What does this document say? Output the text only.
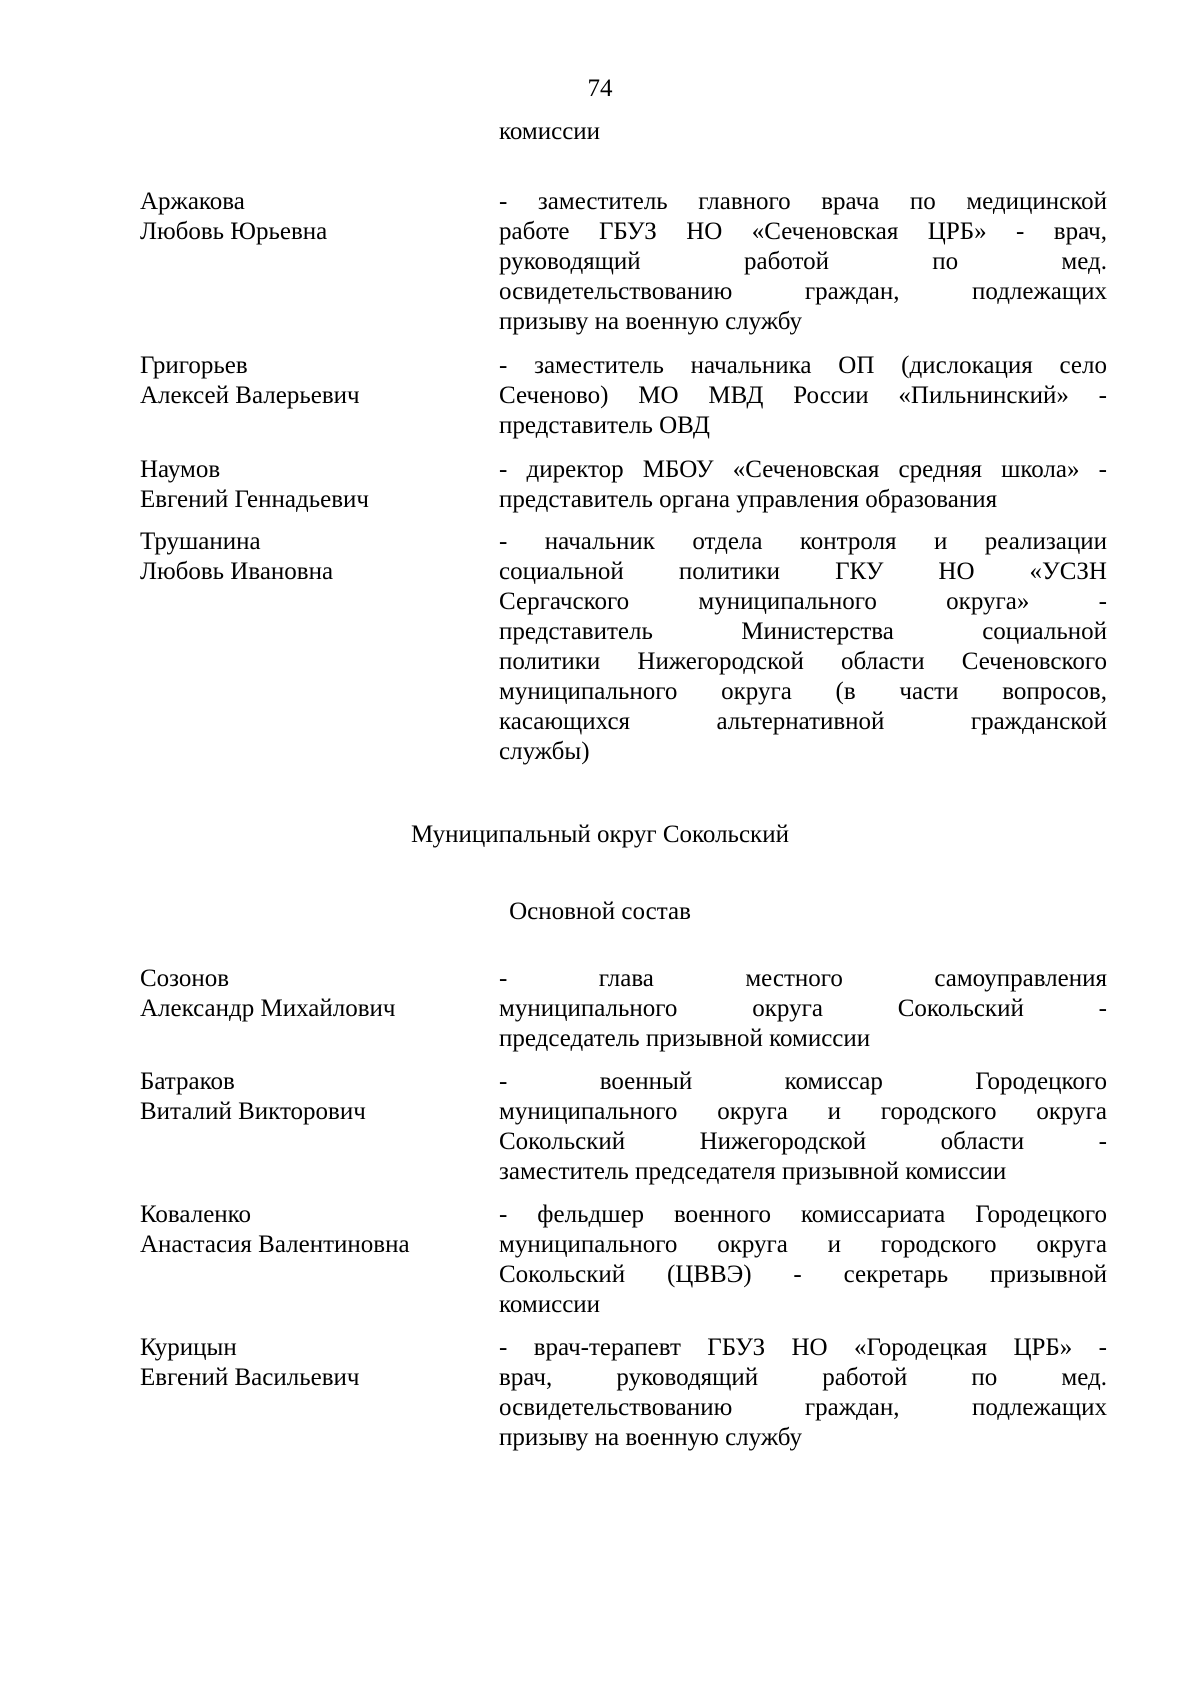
74
комиссии
Аржакова
Любовь Юрьевна
- заместитель главного врача по медицинской
работе ГБУЗ НО «Сеченовская ЦРБ» - врач,
руководящий работой по мед.
освидетельствованию граждан, подлежащих
призыву на военную службу
Григорьев
Алексей Валерьевич
- заместитель начальника ОП (дислокация село
Сеченово) МО МВД России «Пильнинский» -
представитель ОВД
Наумов
Евгений Геннадьевич
- директор МБОУ «Сеченовская средняя школа» -
представитель органа управления образования
Трушанина
Любовь Ивановна
- начальник отдела контроля и реализации
социальной политики ГКУ НО «УСЗН
Сергачского муниципального округа» -
представитель Министерства социальной
политики Нижегородской области Сеченовского
муниципального округа (в части вопросов,
касающихся альтернативной гражданской
службы)
Муниципальный округ Сокольский
Основной состав
Созонов
Александр Михайлович
- глава местного самоуправления
муниципального округа Сокольский -
председатель призывной комиссии
Батраков
Виталий Викторович
- военный комиссар Городецкого
муниципального округа и городского округа
Сокольский Нижегородской области -
заместитель председателя призывной комиссии
Коваленко
Анастасия Валентиновна
- фельдшер военного комиссариата Городецкого
муниципального округа и городского округа
Сокольский (ЦВВЭ) - секретарь призывной
комиссии
Курицын
Евгений Васильевич
- врач-терапевт ГБУЗ НО «Городецкая ЦРБ» -
врач, руководящий работой по мед.
освидетельствованию граждан, подлежащих
призыву на военную службу
